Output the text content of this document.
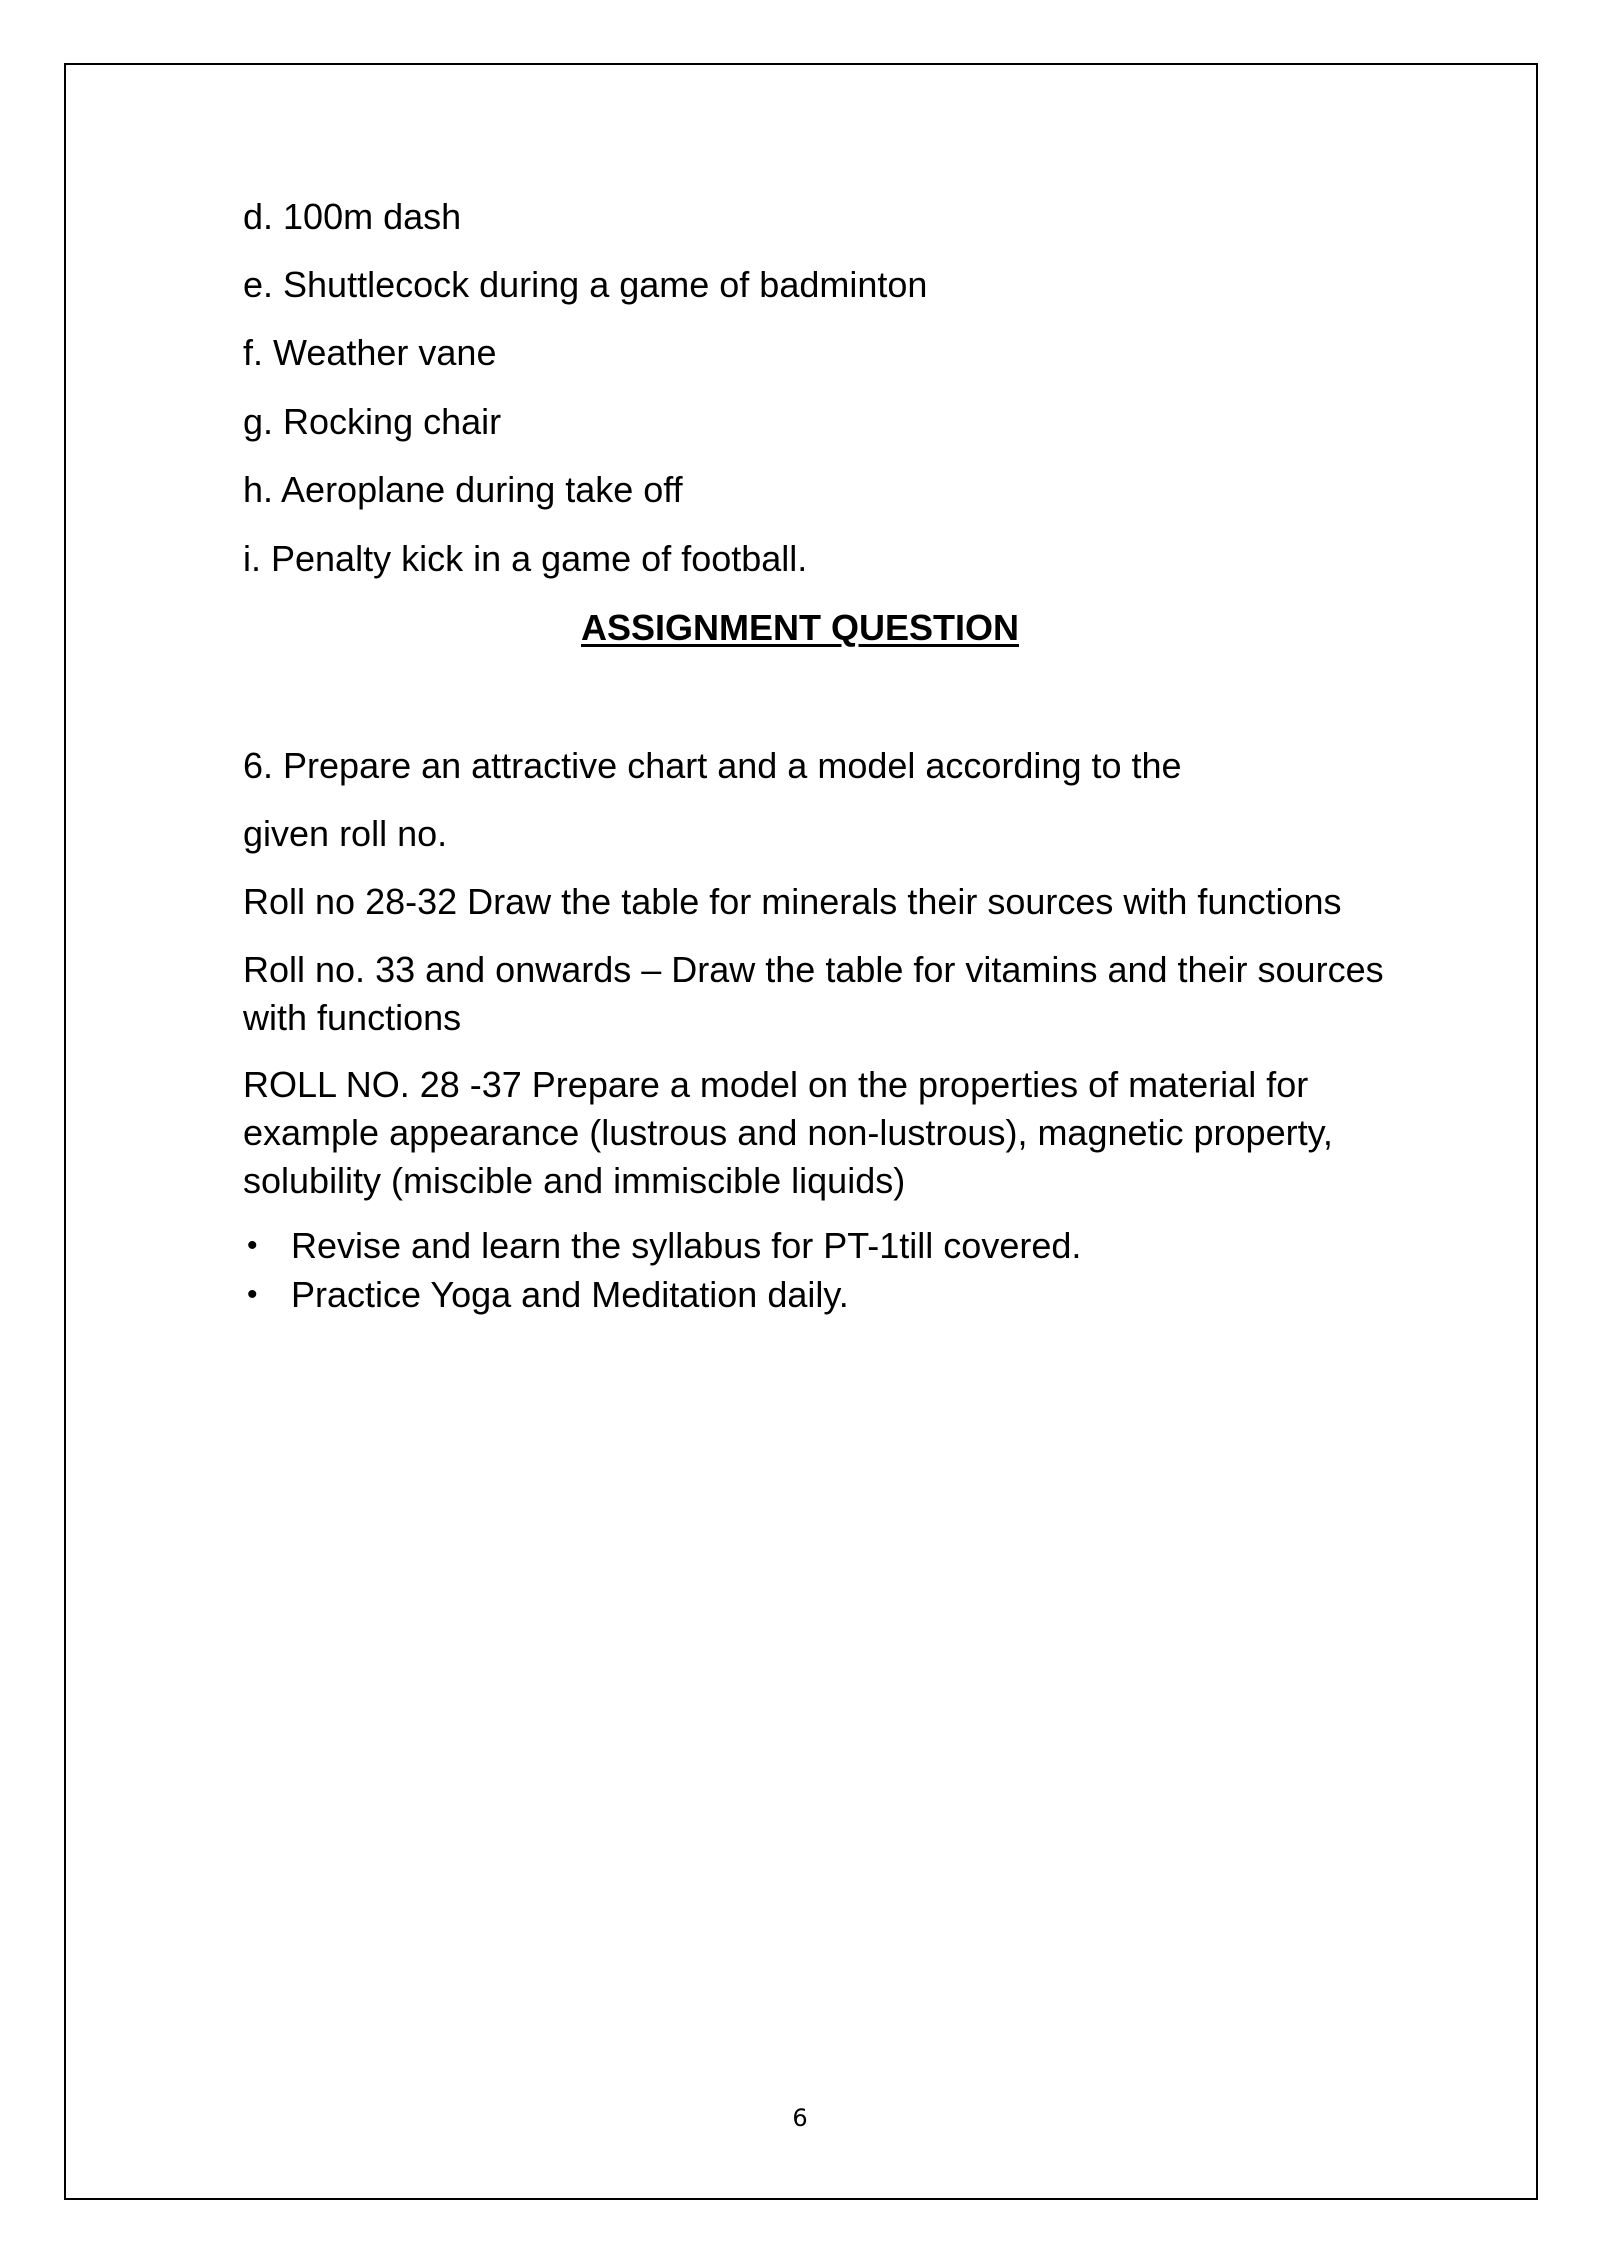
d. 100m dash
e. Shuttlecock during a game of badminton
f. Weather vane
g. Rocking chair
h. Aeroplane during take off
i. Penalty kick in a game of football.
ASSIGNMENT QUESTION
6. Prepare an attractive chart and a model according to the
given roll no.
Roll no 28-32 Draw the table for minerals their sources with functions
Roll no. 33 and onwards – Draw the table for vitamins and their sources with functions
ROLL NO. 28 -37 Prepare a model on the properties of material for example appearance (lustrous and non-lustrous), magnetic property, solubility (miscible and immiscible liquids)
• Revise and learn the syllabus for PT-1till covered.
• Practice Yoga and Meditation daily.
6
